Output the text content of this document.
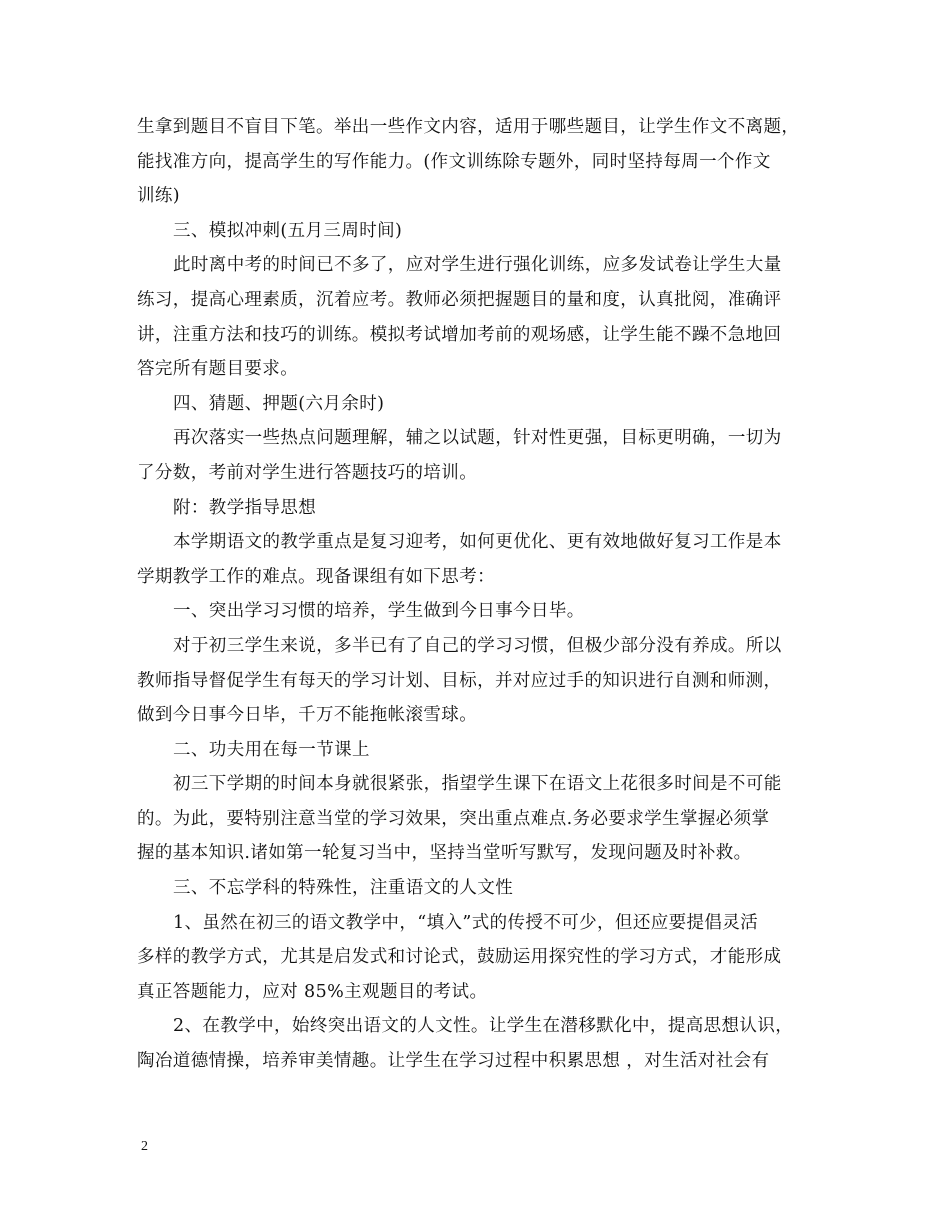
生拿到题目不盲目下笔。举出一些作文内容，适用于哪些题目，让学生作文不离题，
能找准方向，提高学生的写作能力。(作文训练除专题外，同时坚持每周一个作文
训练)
三、模拟冲刺(五月三周时间)
此时离中考的时间已不多了，应对学生进行强化训练，应多发试卷让学生大量
练习，提高心理素质，沉着应考。教师必须把握题目的量和度，认真批阅，准确评
讲，注重方法和技巧的训练。模拟考试增加考前的观场感，让学生能不躁不急地回
答完所有题目要求。
四、猜题、押题(六月余时)
再次落实一些热点问题理解，辅之以试题，针对性更强，目标更明确，一切为
了分数，考前对学生进行答题技巧的培训。
附：教学指导思想
本学期语文的教学重点是复习迎考，如何更优化、更有效地做好复习工作是本
学期教学工作的难点。现备课组有如下思考：
一、突出学习习惯的培养，学生做到今日事今日毕。
对于初三学生来说，多半已有了自己的学习习惯，但极少部分没有养成。所以
教师指导督促学生有每天的学习计划、目标，并对应过手的知识进行自测和师测，
做到今日事今日毕，千万不能拖帐滚雪球。
二、功夫用在每一节课上
初三下学期的时间本身就很紧张，指望学生课下在语文上花很多时间是不可能
的。为此，要特别注意当堂的学习效果，突出重点难点.务必要求学生掌握必须掌
握的基本知识.诸如第一轮复习当中，坚持当堂听写默写，发现问题及时补救。
三、不忘学科的特殊性，注重语文的人文性
1、虽然在初三的语文教学中，“填入”式的传授不可少，但还应要提倡灵活
多样的教学方式，尤其是启发式和讨论式，鼓励运用探究性的学习方式，才能形成
真正答题能力，应对 85%主观题目的考试。
2、在教学中，始终突出语文的人文性。让学生在潜移默化中，提高思想认识，
陶冶道德情操，培养审美情趣。让学生在学习过程中积累思想 ，对生活对社会有
2
